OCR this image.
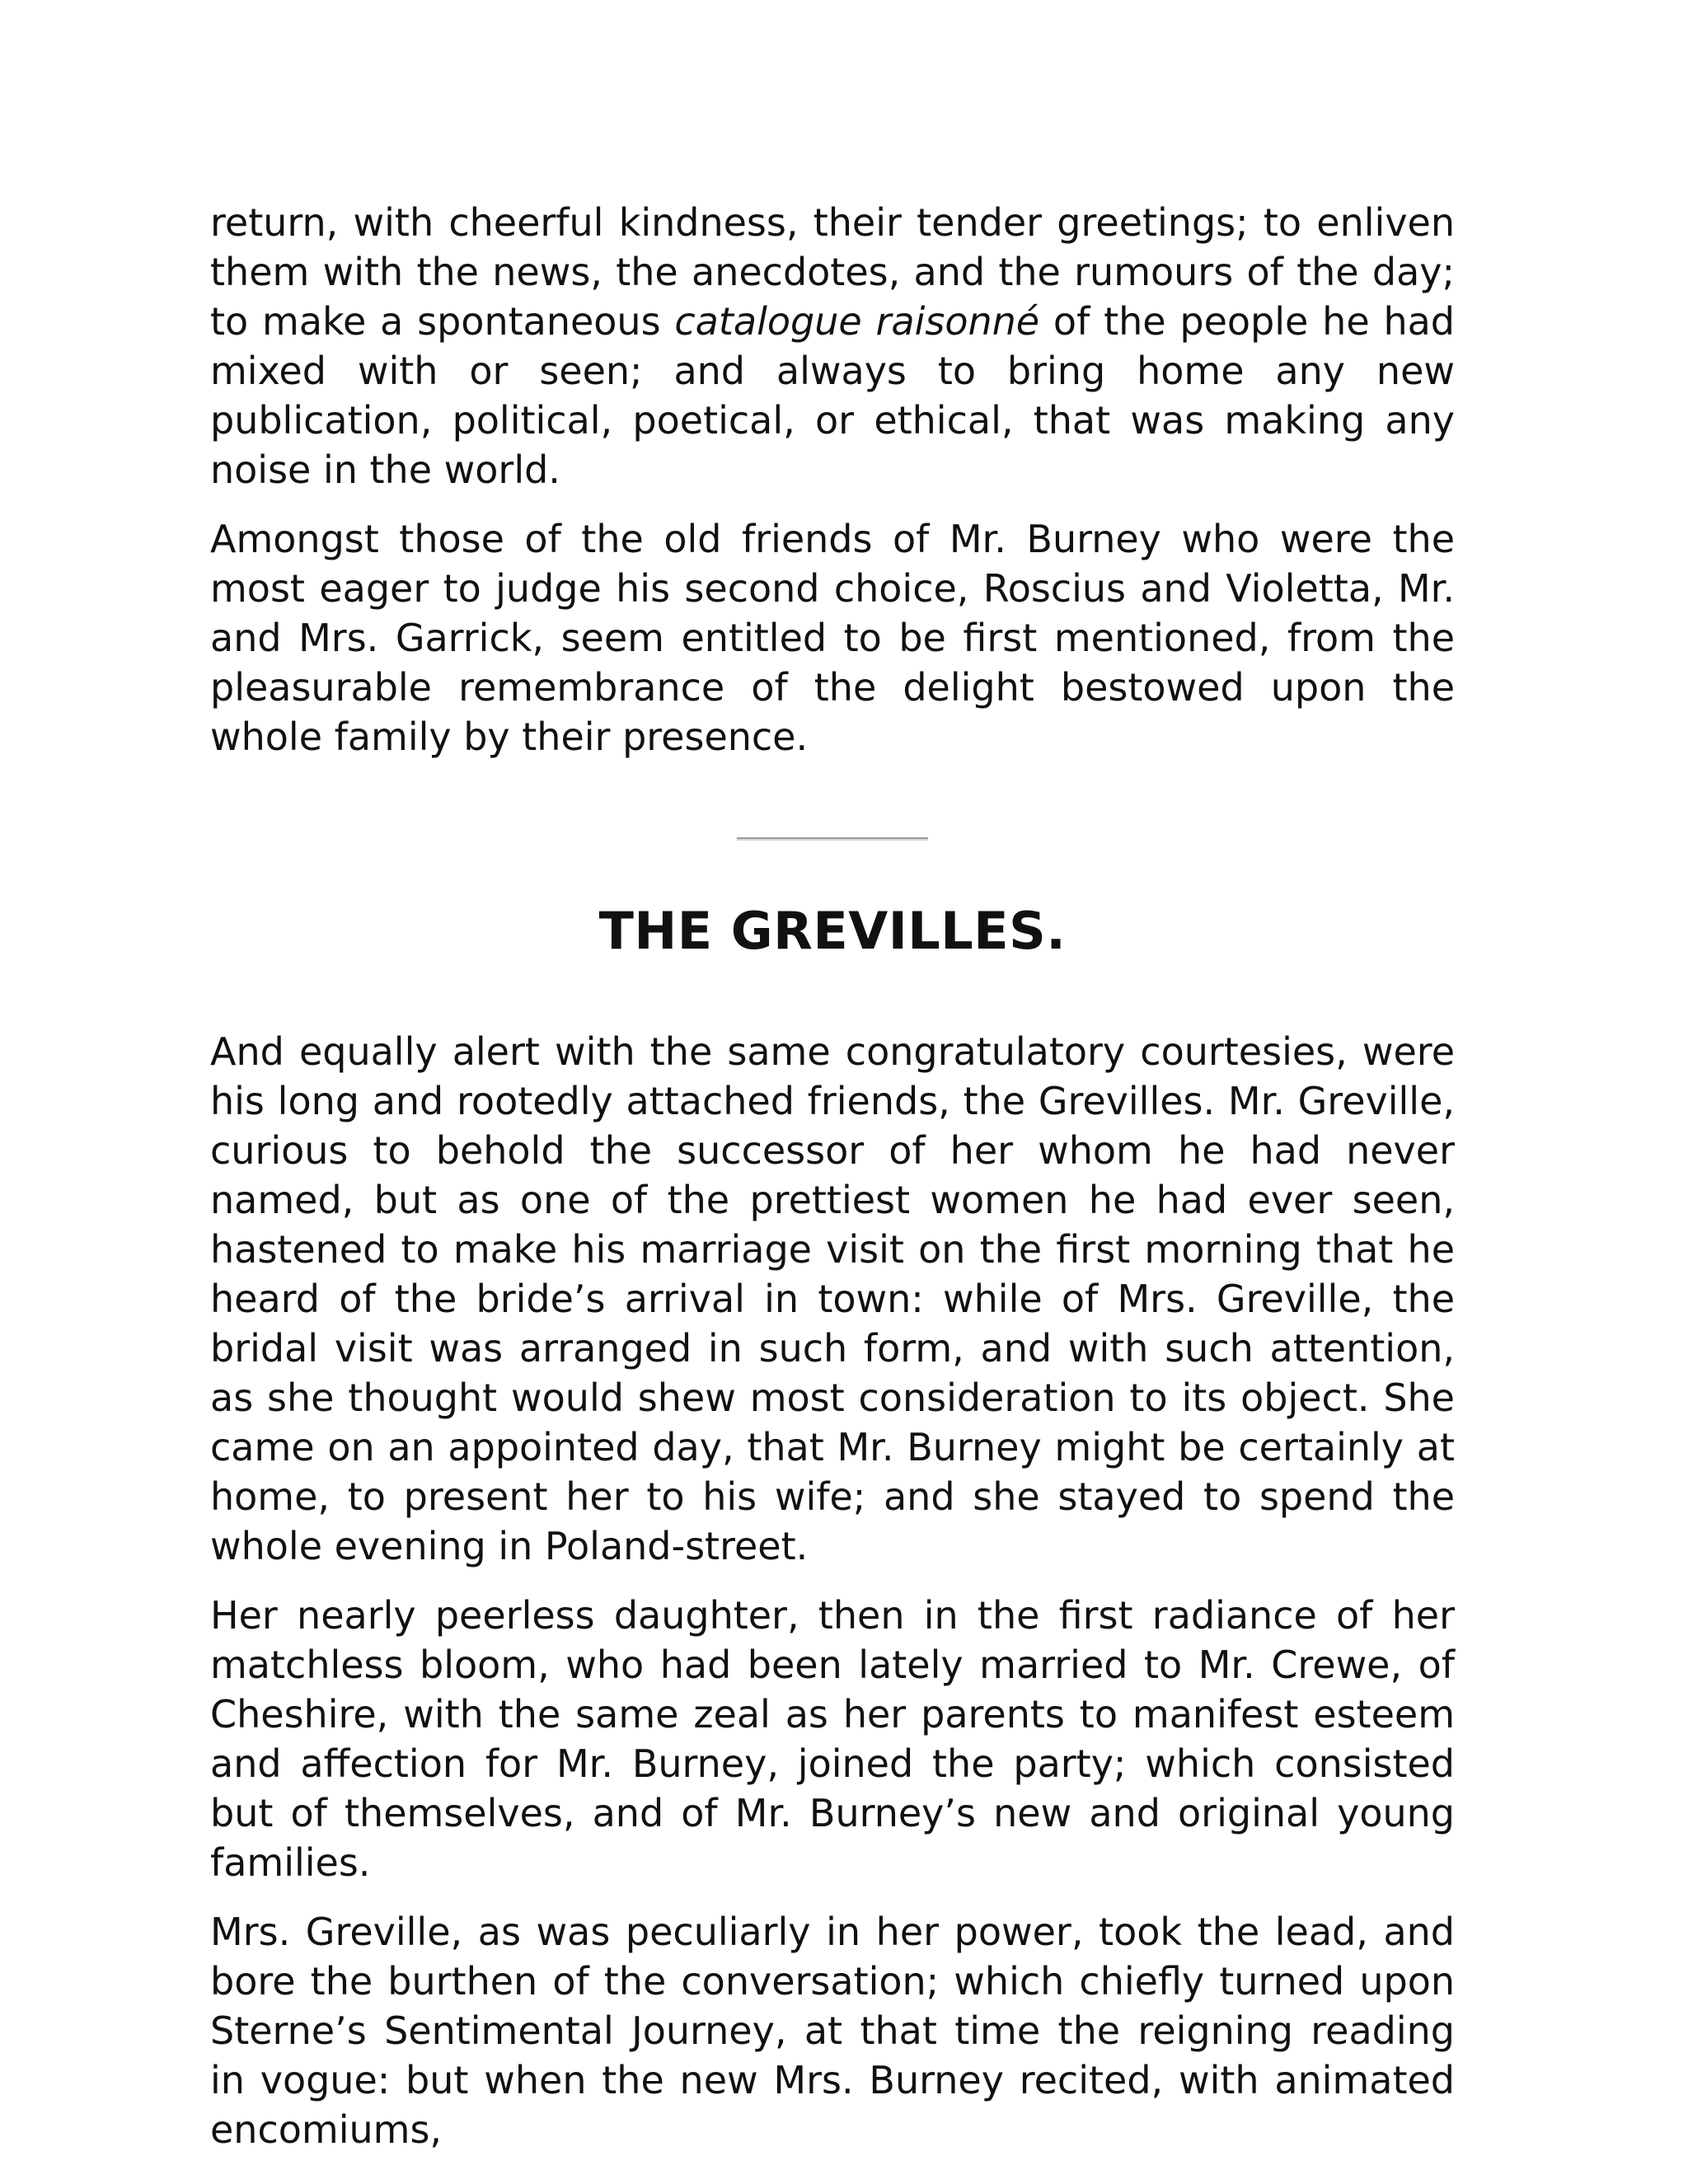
return, with cheerful kindness, their tender greetings; to enliven them with the news, the anecdotes, and the rumours of the day; to make a spontaneous catalogue raisonné of the people he had mixed with or seen; and always to bring home any new publication, political, poetical, or ethical, that was making any noise in the world.

Amongst those of the old friends of Mr. Burney who were the most eager to judge his second choice, Roscius and Violetta, Mr. and Mrs. Garrick, seem entitled to be first mentioned, from the pleasurable remembrance of the delight bestowed upon the whole family by their presence.

THE GREVILLES.

And equally alert with the same congratulatory courtesies, were his long and rootedly attached friends, the Grevilles. Mr. Greville, curious to behold the successor of her whom he had never named, but as one of the prettiest women he had ever seen, hastened to make his marriage visit on the first morning that he heard of the bride’s arrival in town: while of Mrs. Greville, the bridal visit was arranged in such form, and with such attention, as she thought would shew most consideration to its object. She came on an appointed day, that Mr. Burney might be certainly at home, to present her to his wife; and she stayed to spend the whole evening in Poland-street.

Her nearly peerless daughter, then in the first radiance of her matchless bloom, who had been lately married to Mr. Crewe, of Cheshire, with the same zeal as her parents to manifest esteem and affection for Mr. Burney, joined the party; which consisted but of themselves, and of Mr. Burney’s new and original young families.

Mrs. Greville, as was peculiarly in her power, took the lead, and bore the burthen of the conversation; which chiefly turned upon Sterne’s Sentimental Journey, at that time the reigning reading in vogue: but when the new Mrs. Burney recited, with animated encomiums,
